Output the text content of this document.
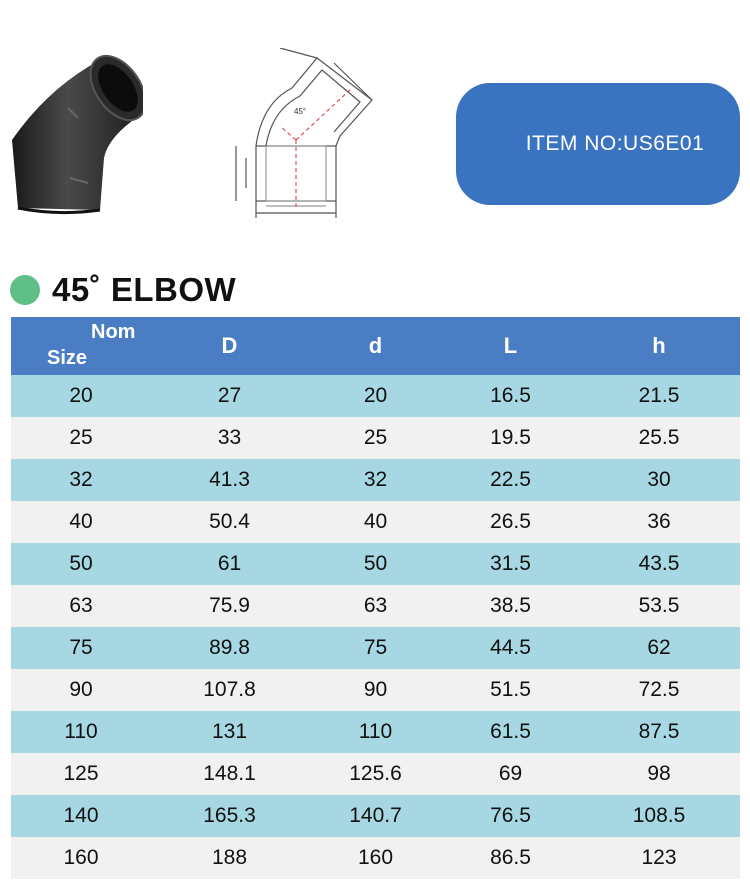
45°
ITEM NO:US6E01
45˚ ELBOW
Nom
Size	D	d	L	h
20	27	20	16.5	21.5
25	33	25	19.5	25.5
32	41.3	32	22.5	30
40	50.4	40	26.5	36
50	61	50	31.5	43.5
63	75.9	63	38.5	53.5
75	89.8	75	44.5	62
90	107.8	90	51.5	72.5
110	131	110	61.5	87.5
125	148.1	125.6	69	98
140	165.3	140.7	76.5	108.5
160	188	160	86.5	123
